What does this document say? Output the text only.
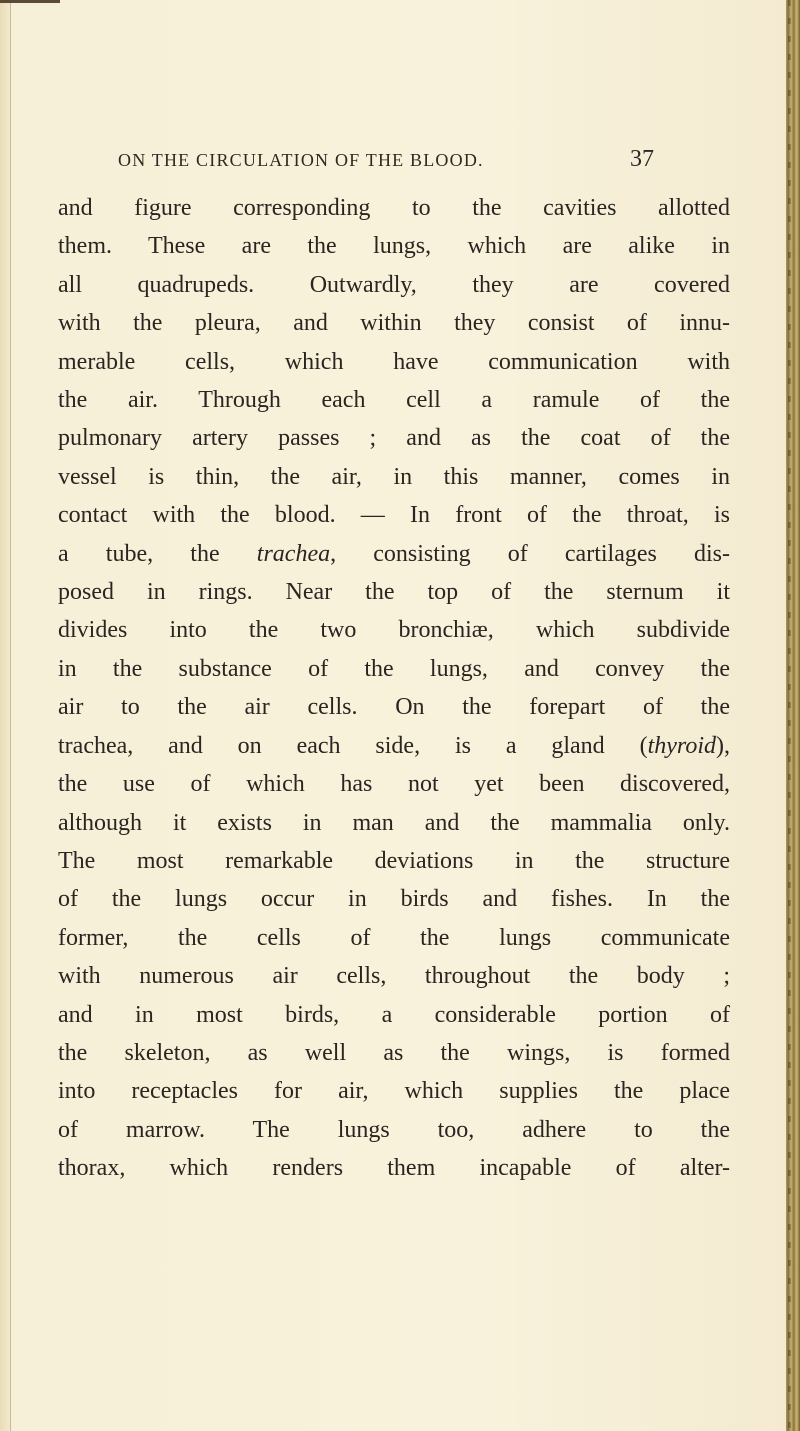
ON THE CIRCULATION OF THE BLOOD.	37
and figure corresponding to the cavities allotted
them. These are the lungs, which are alike in
all quadrupeds. Outwardly, they are covered
with the pleura, and within they consist of innu-
merable cells, which have communication with
the air. Through each cell a ramule of the
pulmonary artery passes ; and as the coat of the
vessel is thin, the air, in this manner, comes in
contact with the blood. — In front of the throat, is
a tube, the trachea, consisting of cartilages dis-
posed in rings. Near the top of the sternum it
divides into the two bronchiæ, which subdivide
in the substance of the lungs, and convey the
air to the air cells. On the forepart of the
trachea, and on each side, is a gland (thyroid),
the use of which has not yet been discovered,
although it exists in man and the mammalia only.
The most remarkable deviations in the structure
of the lungs occur in birds and fishes. In the
former, the cells of the lungs communicate
with numerous air cells, throughout the body ;
and in most birds, a considerable portion of
the skeleton, as well as the wings, is formed
into receptacles for air, which supplies the place
of marrow. The lungs too, adhere to the
thorax, which renders them incapable of alter-
